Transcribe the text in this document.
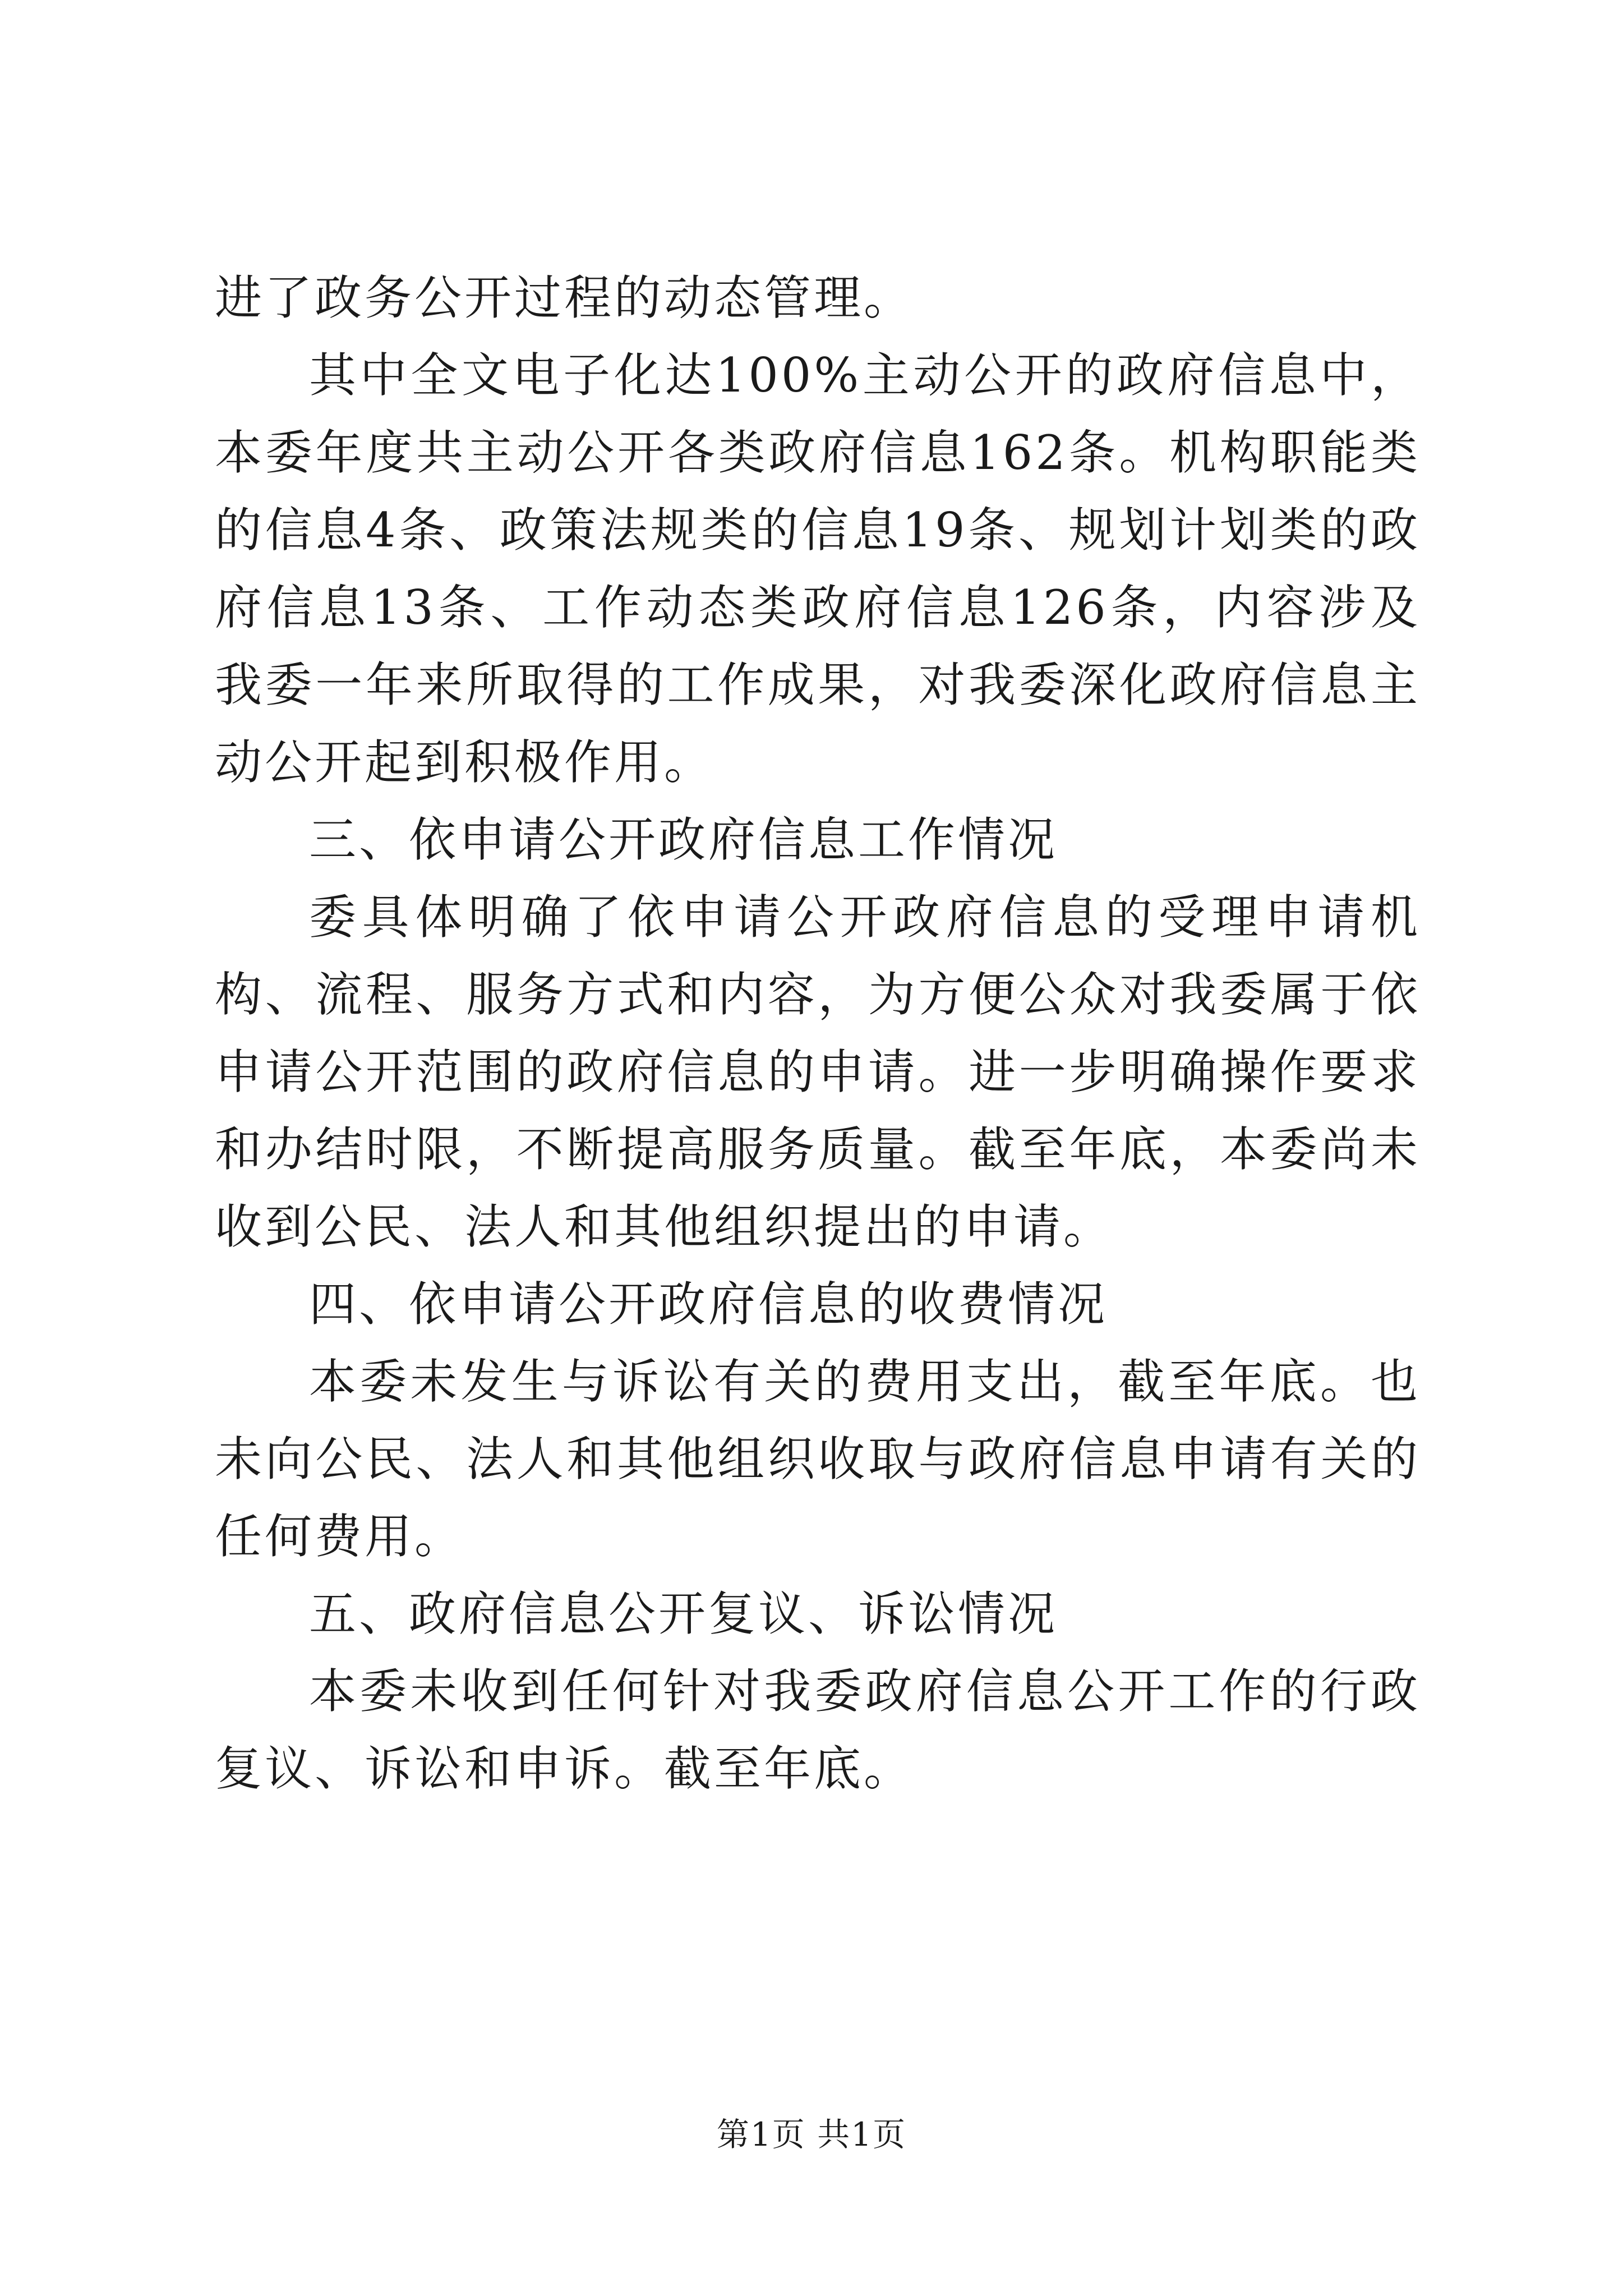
进了政务公开过程的动态管理。

其中全文电子化达100%主动公开的政府信息中，本委年度共主动公开各类政府信息162条。机构职能类的信息4条、政策法规类的信息19条、规划计划类的政府信息13条、工作动态类政府信息126条，内容涉及我委一年来所取得的工作成果，对我委深化政府信息主动公开起到积极作用。

三、依申请公开政府信息工作情况

委具体明确了依申请公开政府信息的受理申请机构、流程、服务方式和内容，为方便公众对我委属于依申请公开范围的政府信息的申请。进一步明确操作要求和办结时限，不断提高服务质量。截至年底，本委尚未收到公民、法人和其他组织提出的申请。

四、依申请公开政府信息的收费情况

本委未发生与诉讼有关的费用支出，截至年底。也未向公民、法人和其他组织收取与政府信息申请有关的任何费用。

五、政府信息公开复议、诉讼情况

本委未收到任何针对我委政府信息公开工作的行政复议、诉讼和申诉。截至年底。

第1页 共1页
